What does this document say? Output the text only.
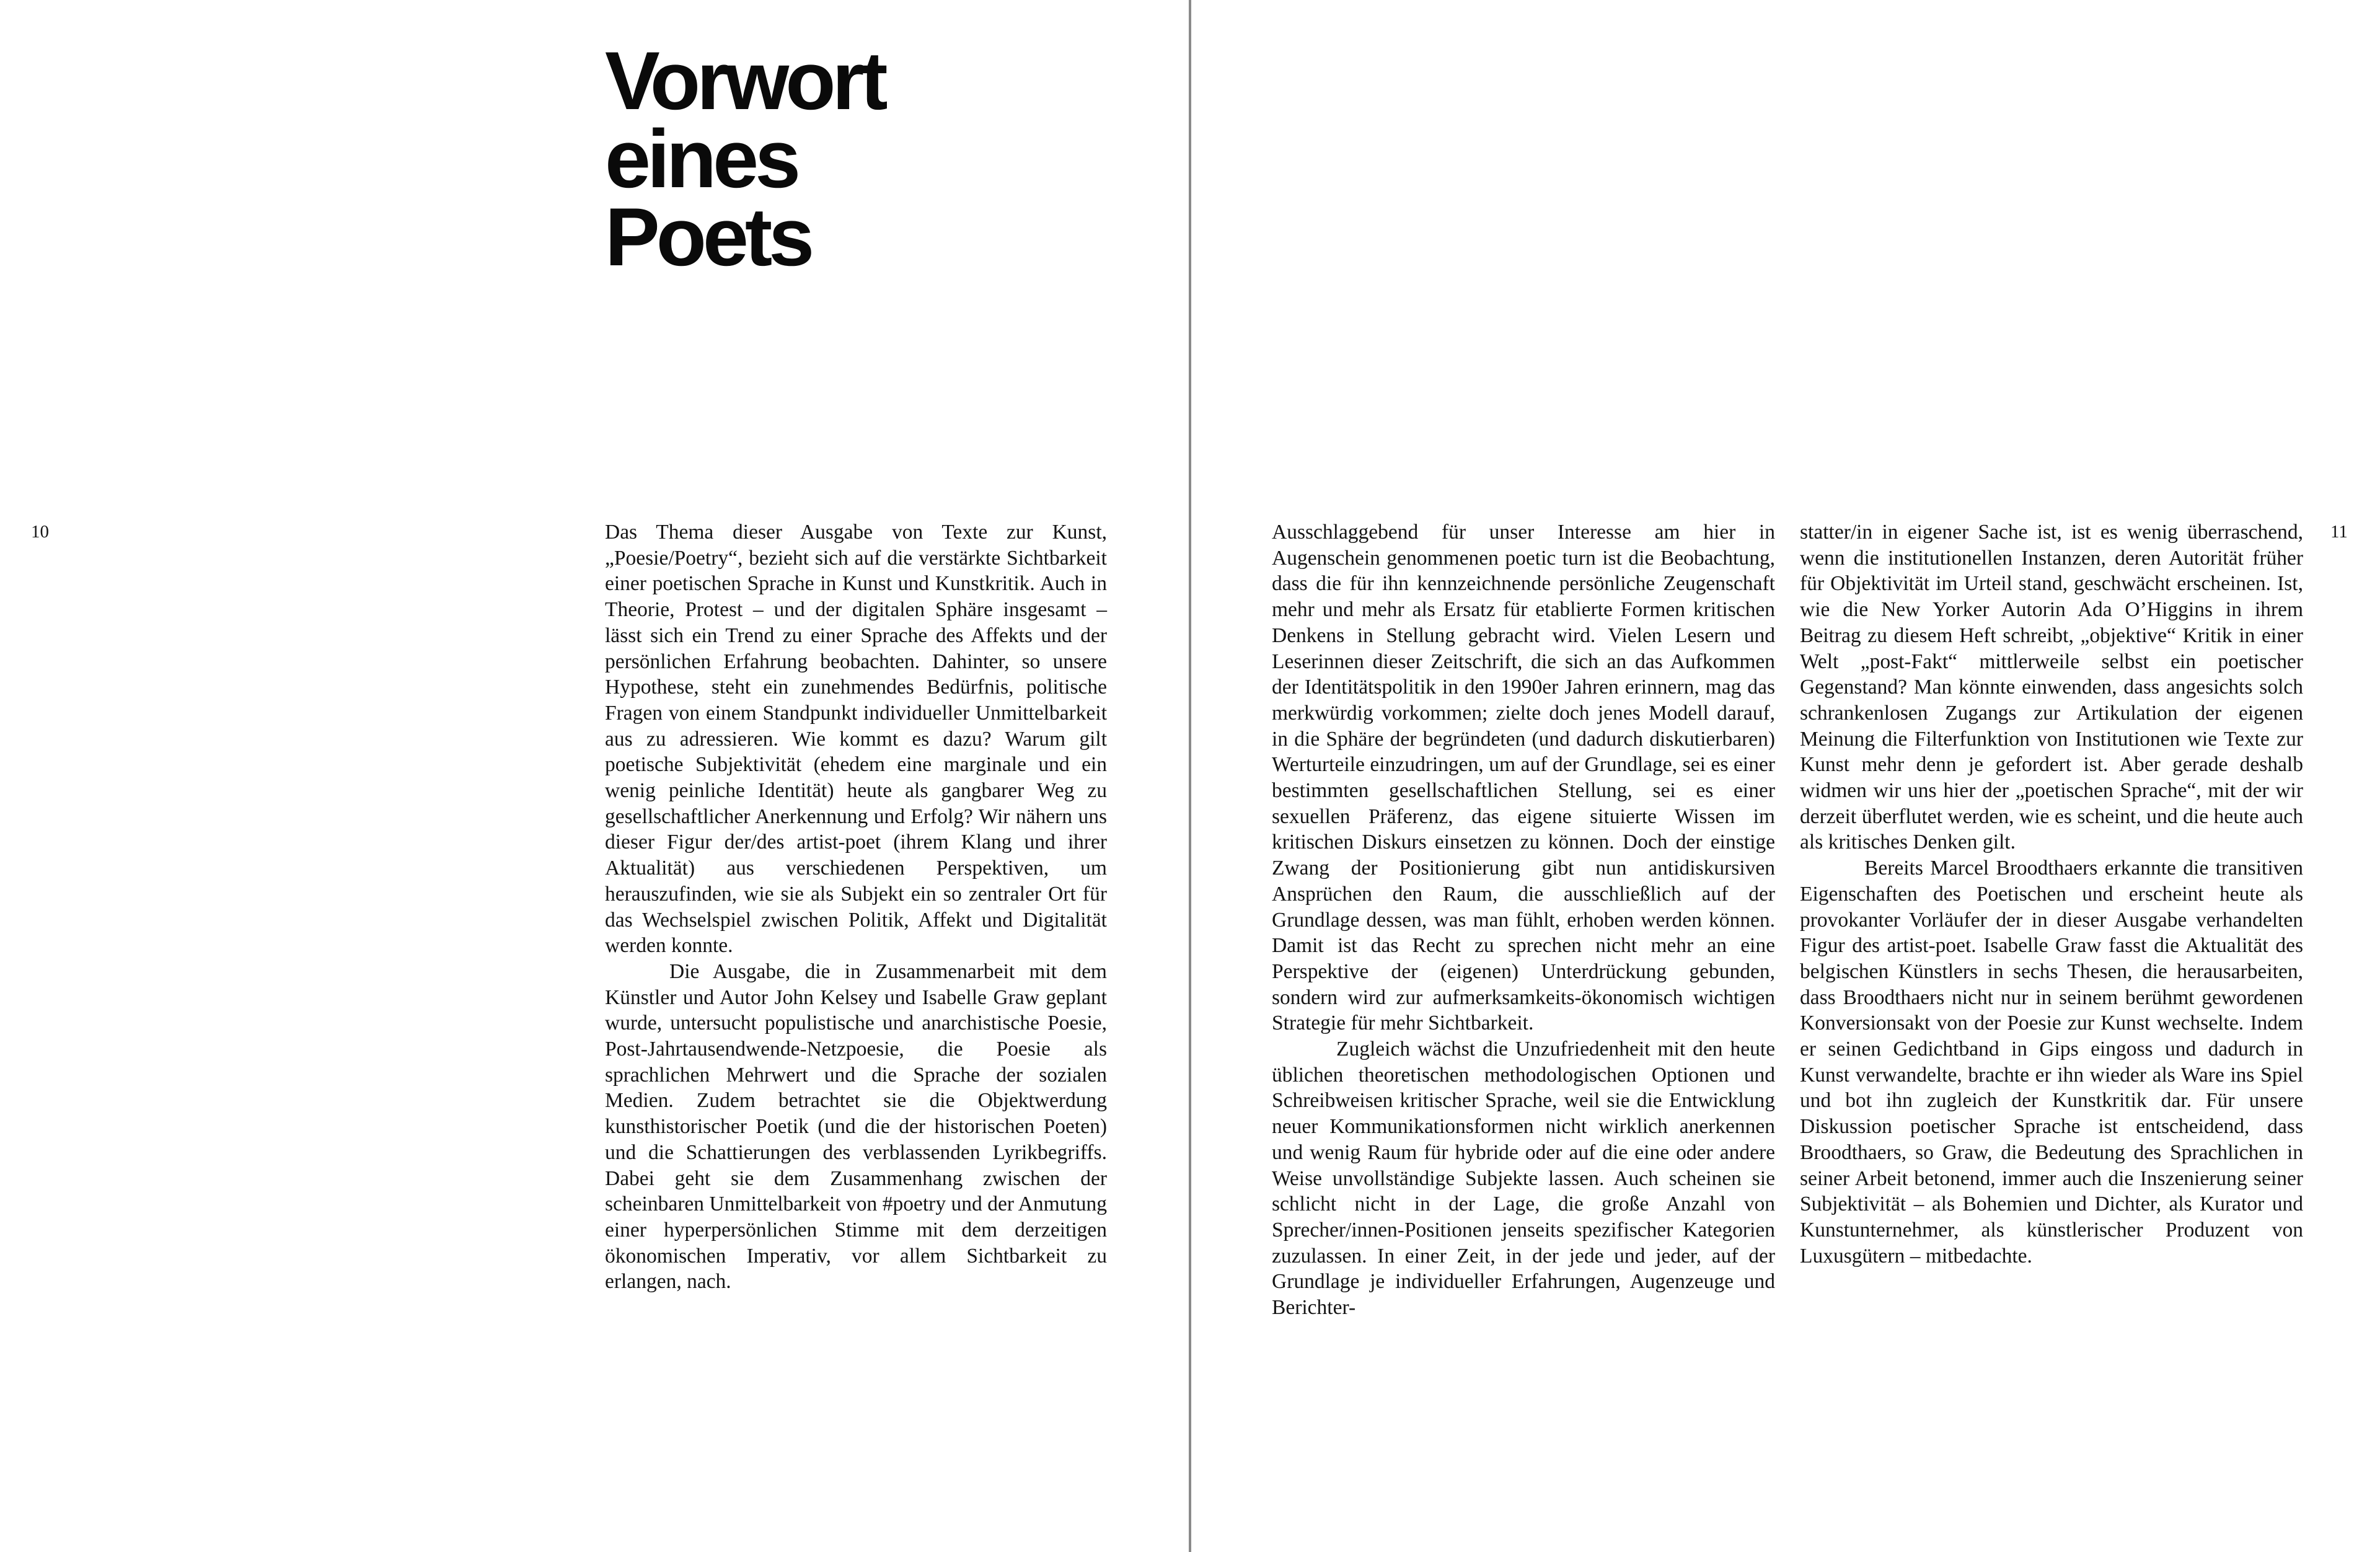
Vorwort
eines
Poets
10	11

Das Thema dieser Ausgabe von Texte zur Kunst, „Poesie/Poetry“, bezieht sich auf die verstärkte Sichtbarkeit einer poetischen Sprache in Kunst und Kunstkritik. Auch in Theorie, Protest – und der digitalen Sphäre insgesamt – lässt sich ein Trend zu einer Sprache des Affekts und der persönlichen Erfahrung beobachten. Dahinter, so unsere Hypothese, steht ein zunehmendes Bedürfnis, politische Fragen von einem Standpunkt individueller Unmittelbarkeit aus zu adressieren. Wie kommt es dazu? Warum gilt poetische Subjektivität (ehedem eine marginale und ein wenig peinliche Identität) heute als gangbarer Weg zu gesellschaftlicher Anerkennung und Erfolg? Wir nähern uns dieser Figur der/des artist-poet (ihrem Klang und ihrer Aktualität) aus verschiedenen Perspektiven, um herauszufinden, wie sie als Subjekt ein so zentraler Ort für das Wechselspiel zwischen Politik, Affekt und Digitalität werden konnte.

Die Ausgabe, die in Zusammenarbeit mit dem Künstler und Autor John Kelsey und Isabelle Graw geplant wurde, untersucht populistische und anarchistische Poesie, Post-Jahrtausendwende-Netzpoesie, die Poesie als sprachlichen Mehrwert und die Sprache der sozialen Medien. Zudem betrachtet sie die Objektwerdung kunsthistorischer Poetik (und die der historischen Poeten) und die Schattierungen des verblassenden Lyrikbegriffs. Dabei geht sie dem Zusammenhang zwischen der scheinbaren Unmittelbarkeit von #poetry und der Anmutung einer hyperpersönlichen Stimme mit dem derzeitigen ökonomischen Imperativ, vor allem Sichtbarkeit zu erlangen, nach.

Ausschlaggebend für unser Interesse am hier in Augenschein genommenen poetic turn ist die Beobachtung, dass die für ihn kennzeichnende persönliche Zeugenschaft mehr und mehr als Ersatz für etablierte Formen kritischen Denkens in Stellung gebracht wird. Vielen Lesern und Leserinnen dieser Zeitschrift, die sich an das Aufkommen der Identitätspolitik in den 1990er Jahren erinnern, mag das merkwürdig vorkommen; zielte doch jenes Modell darauf, in die Sphäre der begründeten (und dadurch diskutierbaren) Werturteile einzudringen, um auf der Grundlage, sei es einer bestimmten gesellschaftlichen Stellung, sei es einer sexuellen Präferenz, das eigene situierte Wissen im kritischen Diskurs einsetzen zu können. Doch der einstige Zwang der Positionierung gibt nun antidiskursiven Ansprüchen den Raum, die ausschließlich auf der Grundlage dessen, was man fühlt, erhoben werden können. Damit ist das Recht zu sprechen nicht mehr an eine Perspektive der (eigenen) Unterdrückung gebunden, sondern wird zur aufmerksamkeits-ökonomisch wichtigen Strategie für mehr Sichtbarkeit.

Zugleich wächst die Unzufriedenheit mit den heute üblichen theoretischen methodologischen Optionen und Schreibweisen kritischer Sprache, weil sie die Entwicklung neuer Kommunikationsformen nicht wirklich anerkennen und wenig Raum für hybride oder auf die eine oder andere Weise unvollständige Subjekte lassen. Auch scheinen sie schlicht nicht in der Lage, die große Anzahl von Sprecher/innen-Positionen jenseits spezifischer Kategorien zuzulassen. In einer Zeit, in der jede und jeder, auf der Grundlage je individueller Erfahrungen, Augenzeuge und Berichter-

statter/in in eigener Sache ist, ist es wenig überraschend, wenn die institutionellen Instanzen, deren Autorität früher für Objektivität im Urteil stand, geschwächt erscheinen. Ist, wie die New Yorker Autorin Ada O’Higgins in ihrem Beitrag zu diesem Heft schreibt, „objektive“ Kritik in einer Welt „post-Fakt“ mittlerweile selbst ein poetischer Gegenstand? Man könnte einwenden, dass angesichts solch schrankenlosen Zugangs zur Artikulation der eigenen Meinung die Filterfunktion von Institutionen wie Texte zur Kunst mehr denn je gefordert ist. Aber gerade deshalb widmen wir uns hier der „poetischen Sprache“, mit der wir derzeit überflutet werden, wie es scheint, und die heute auch als kritisches Denken gilt.

Bereits Marcel Broodthaers erkannte die transitiven Eigenschaften des Poetischen und erscheint heute als provokanter Vorläufer der in dieser Ausgabe verhandelten Figur des artist-poet. Isabelle Graw fasst die Aktualität des belgischen Künstlers in sechs Thesen, die herausarbeiten, dass Broodthaers nicht nur in seinem berühmt gewordenen Konversionsakt von der Poesie zur Kunst wechselte. Indem er seinen Gedichtband in Gips eingoss und dadurch in Kunst verwandelte, brachte er ihn wieder als Ware ins Spiel und bot ihn zugleich der Kunstkritik dar. Für unsere Diskussion poetischer Sprache ist entscheidend, dass Broodthaers, so Graw, die Bedeutung des Sprachlichen in seiner Arbeit betonend, immer auch die Inszenierung seiner Subjektivität – als Bohemien und Dichter, als Kurator und Kunstunternehmer, als künstlerischer Produzent von Luxusgütern – mitbedachte.
